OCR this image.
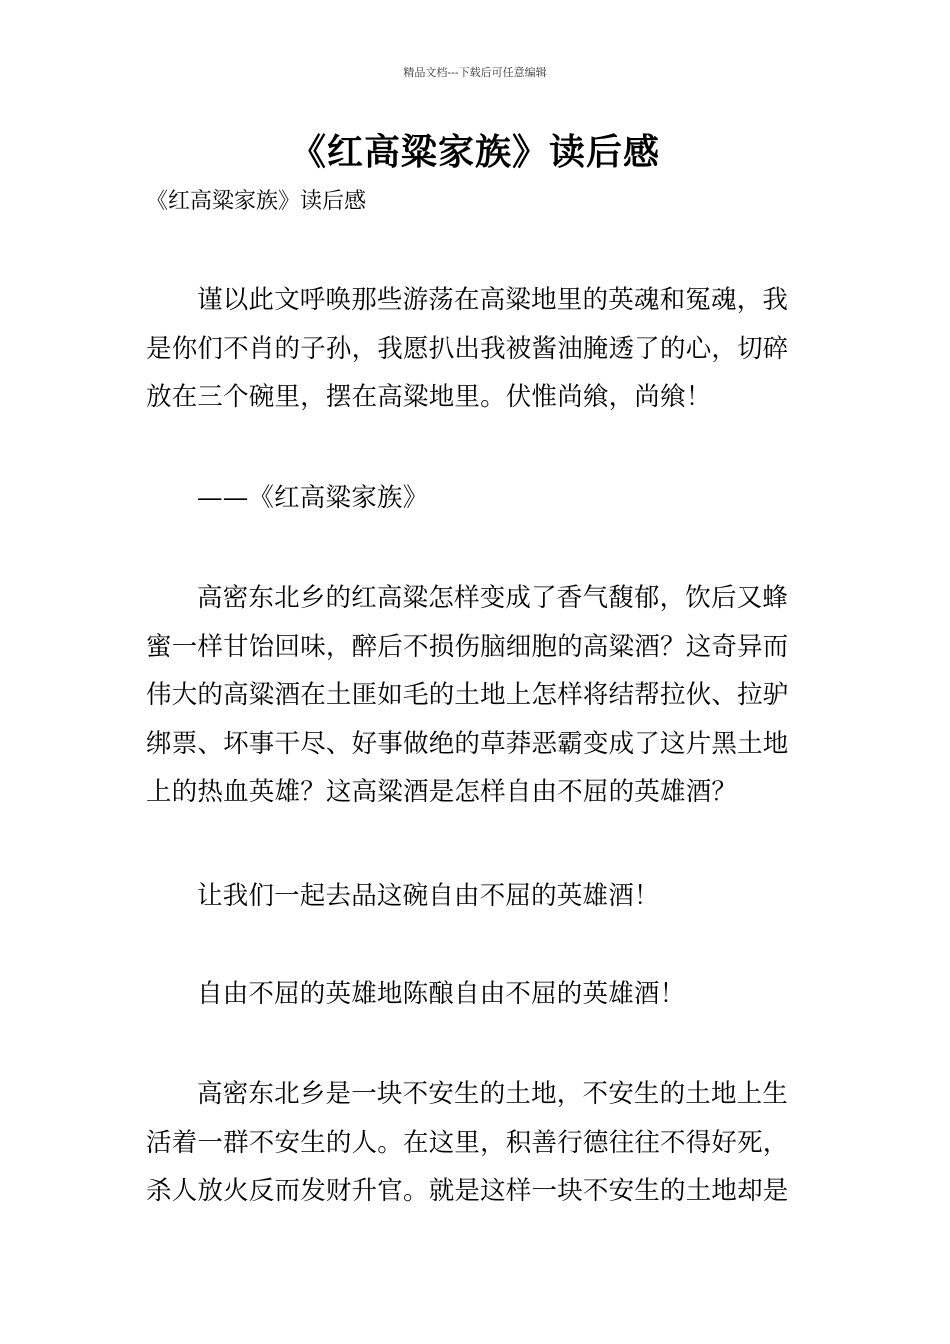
精品文档---下载后可任意编辑
《红高粱家族》读后感
《红高粱家族》读后感

谨以此文呼唤那些游荡在高粱地里的英魂和冤魂，我是你们不肖的子孙，我愿扒出我被酱油腌透了的心，切碎放在三个碗里，摆在高粱地里。伏惟尚飨，尚飨！

——《红高粱家族》

高密东北乡的红高粱怎样变成了香气馥郁，饮后又蜂蜜一样甘饴回味，醉后不损伤脑细胞的高粱酒？这奇异而伟大的高粱酒在土匪如毛的土地上怎样将结帮拉伙、拉驴绑票、坏事干尽、好事做绝的草莽恶霸变成了这片黑土地上的热血英雄？这高粱酒是怎样自由不屈的英雄酒？

让我们一起去品这碗自由不屈的英雄酒！

自由不屈的英雄地陈酿自由不屈的英雄酒！

高密东北乡是一块不安生的土地，不安生的土地上生活着一群不安生的人。在这里，积善行德往往不得好死，杀人放火反而发财升官。就是这样一块不安生的土地却是
